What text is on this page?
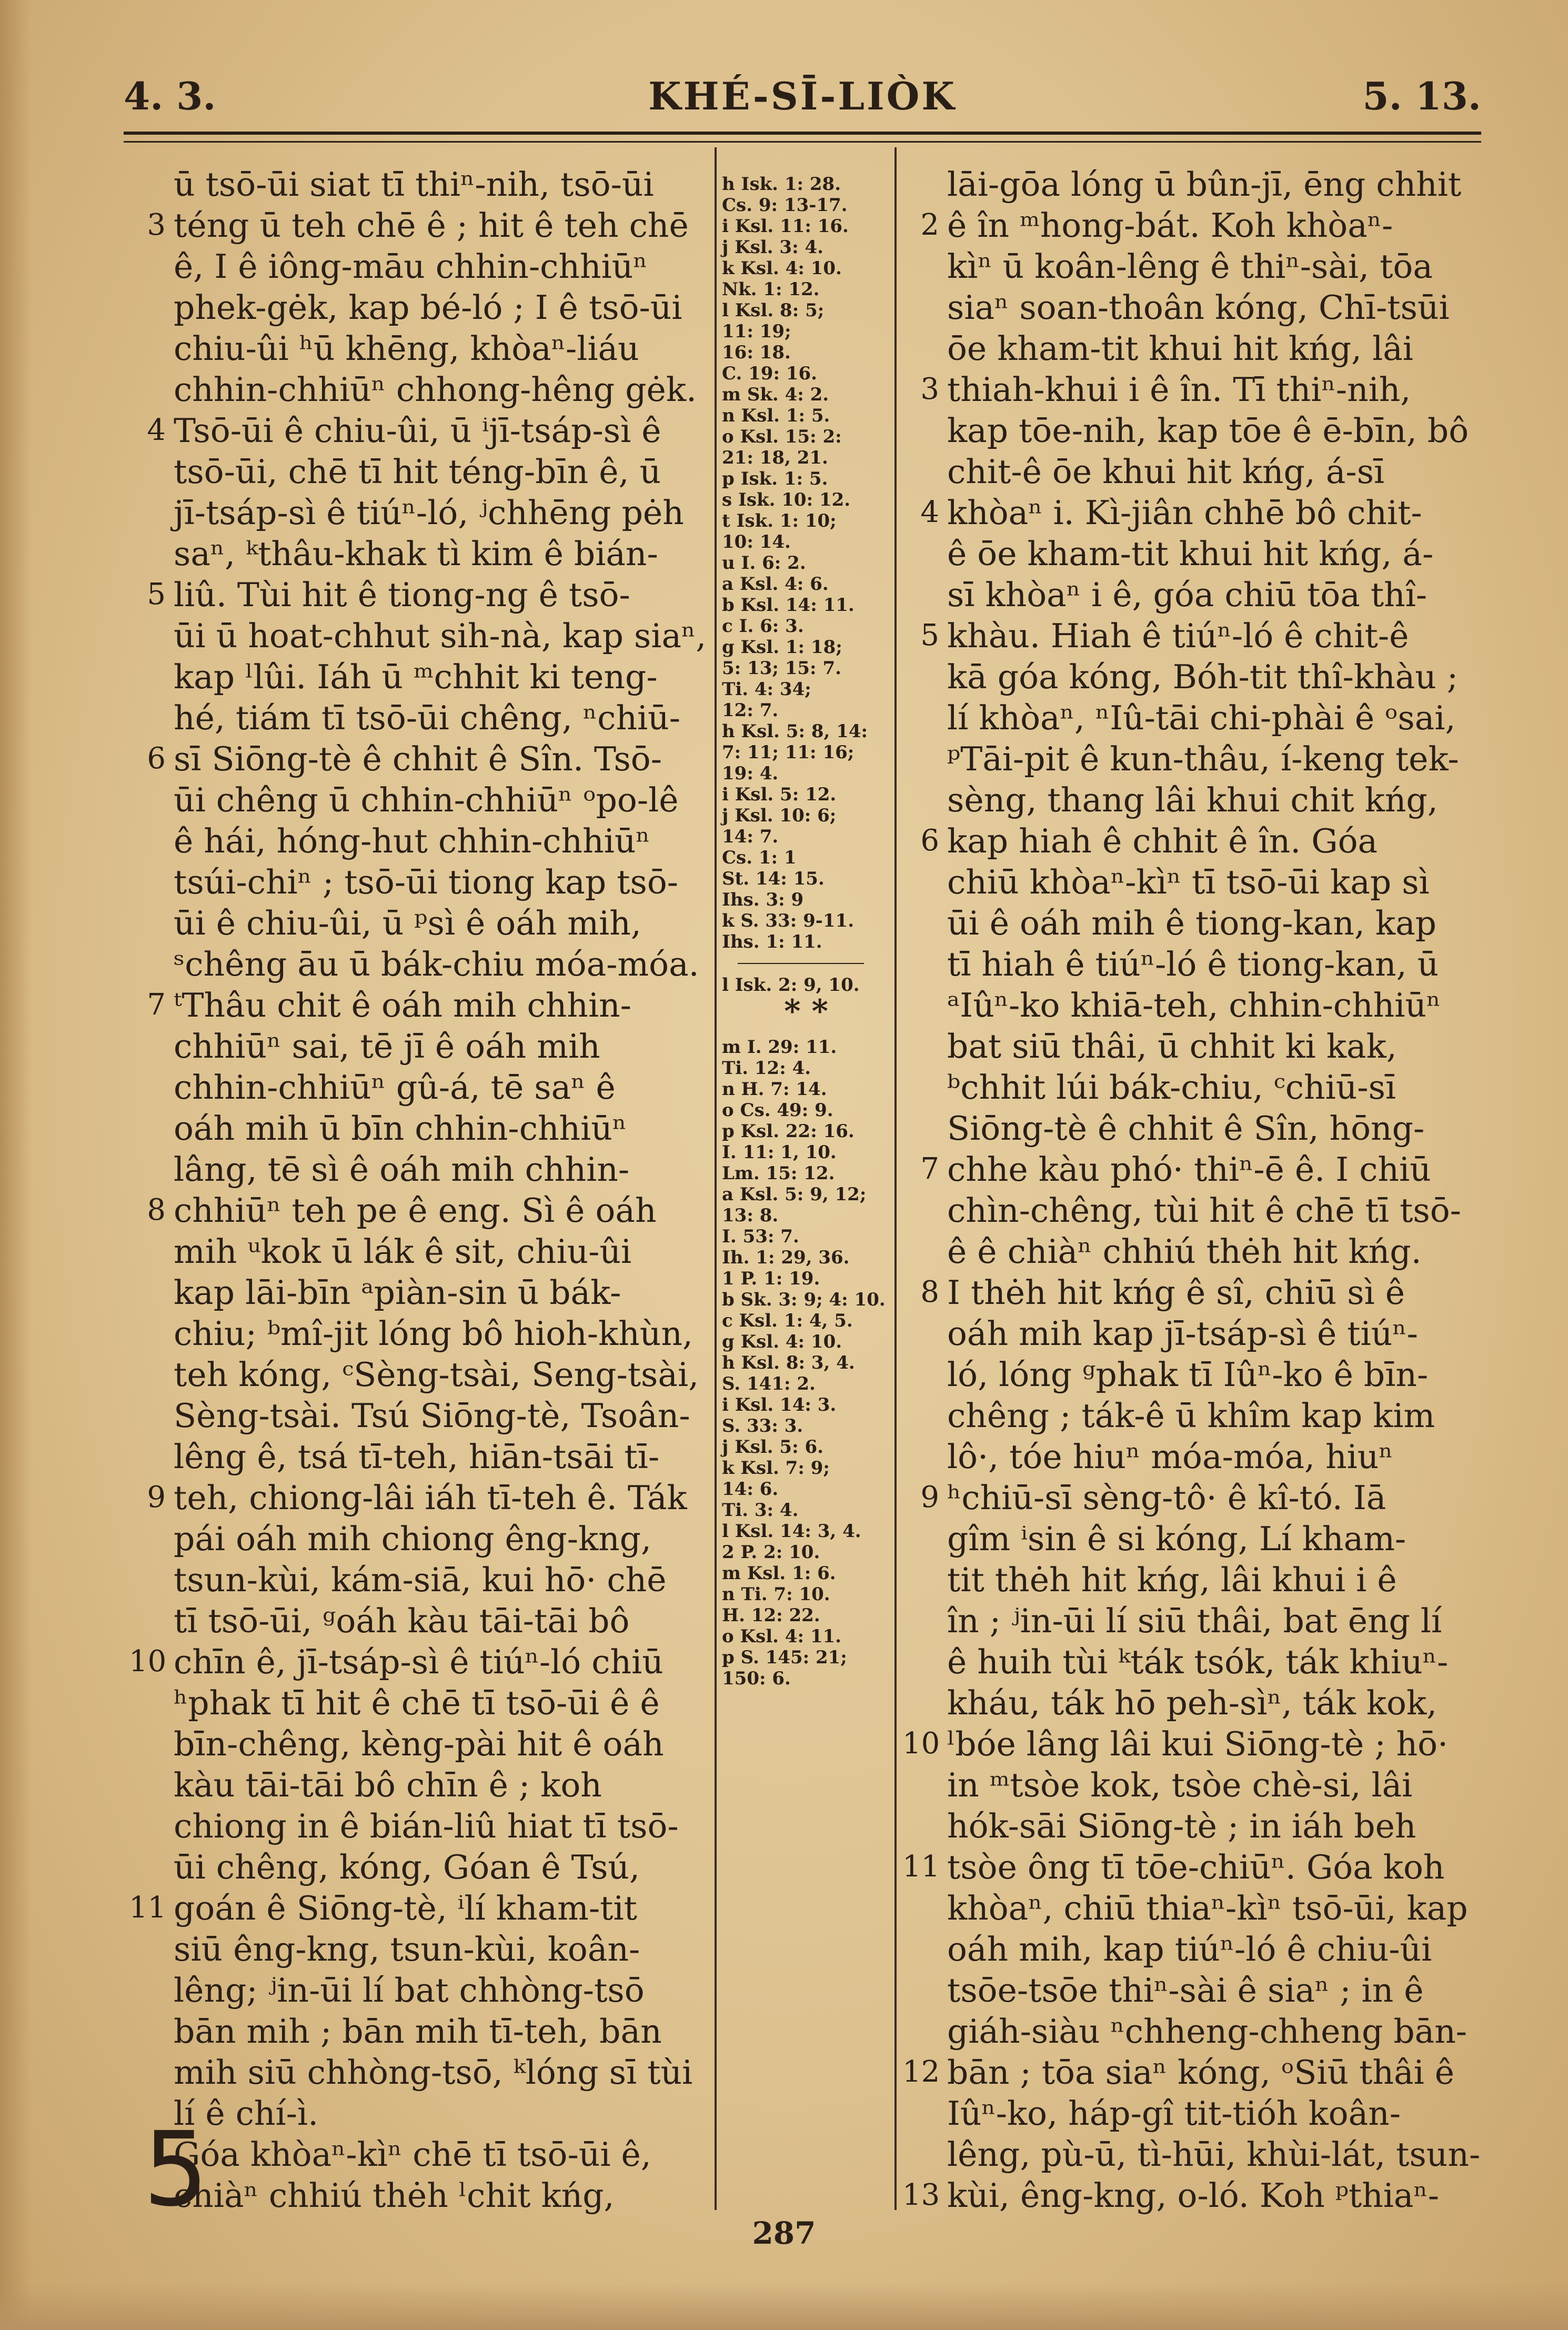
4. 3.	KHÉ-SĪ-LIÒK	5. 13.
ū tsō-ūi siat tī thiⁿ-nih, tsō-ūi
téng ū teh chē ê ; hit ê teh chē
ê, I ê iông-māu chhin-chhiūⁿ
phek-gėk, kap bé-ló ; I ê tsō-ūi
chiu-ûi ʰū khēng, khòaⁿ-liáu
chhin-chhiūⁿ chhong-hêng gėk.
Tsō-ūi ê chiu-ûi, ū ⁱjī-tsáp-sì ê
tsō-ūi, chē tī hit téng-bīn ê, ū
jī-tsáp-sì ê tiúⁿ-ló, ʲchhēng pėh
saⁿ, ᵏthâu-khak tì kim ê bián-
liû. Tùi hit ê tiong-ng ê tsō-
ūi ū hoat-chhut sih-nà, kap siaⁿ,
kap ˡlûi. Iáh ū ᵐchhit ki teng-
hé, tiám tī tsō-ūi chêng, ⁿchiū-
sī Siōng-tè ê chhit ê Sîn. Tsō-
ūi chêng ū chhin-chhiūⁿ ᵒpo-lê
ê hái, hóng-hut chhin-chhiūⁿ
tsúi-chiⁿ ; tsō-ūi tiong kap tsō-
ūi ê chiu-ûi, ū ᵖsì ê oáh mih,
ˢchêng āu ū bák-chiu móa-móa.
ᵗThâu chit ê oáh mih chhin-
chhiūⁿ sai, tē jī ê oáh mih
chhin-chhiūⁿ gû-á, tē saⁿ ê
oáh mih ū bīn chhin-chhiūⁿ
lâng, tē sì ê oáh mih chhin-
chhiūⁿ teh pe ê eng. Sì ê oáh
mih ᵘkok ū lák ê sit, chiu-ûi
kap lāi-bīn ᵃpiàn-sin ū bák-
chiu; ᵇmî-jit lóng bô hioh-khùn,
teh kóng, ᶜSèng-tsài, Seng-tsài,
Sèng-tsài. Tsú Siōng-tè, Tsoân-
lêng ê, tsá tī-teh, hiān-tsāi tī-
teh, chiong-lâi iáh tī-teh ê. Ták
pái oáh mih chiong êng-kng,
tsun-kùi, kám-siā, kui hō· chē
tī tsō-ūi, ᵍoáh kàu tāi-tāi bô
chīn ê, jī-tsáp-sì ê tiúⁿ-ló chiū
ʰphak tī hit ê chē tī tsō-ūi ê ê
bīn-chêng, kèng-pài hit ê oáh
kàu tāi-tāi bô chīn ê ; koh
chiong in ê bián-liû hiat tī tsō-
ūi chêng, kóng, Góan ê Tsú,
goán ê Siōng-tè, ⁱlí kham-tit
siū êng-kng, tsun-kùi, koân-
lêng; ʲin-ūi lí bat chhòng-tsō
bān mih ; bān mih tī-teh, bān
mih siū chhòng-tsō, ᵏlóng sī tùi
lí ê chí-ì.
Góa khòaⁿ-kìⁿ chē tī tsō-ūi ê,
chiàⁿ chhiú thėh ˡchit kńg,
3
4
5
6
7
8
9
10
11
5
h Isk. 1: 28.
Cs. 9: 13-17.
i Ksl. 11: 16.
j Ksl. 3: 4.
k Ksl. 4: 10.
Nk. 1: 12.
l Ksl. 8: 5;
11: 19;
16: 18.
C. 19: 16.
m Sk. 4: 2.
n Ksl. 1: 5.
o Ksl. 15: 2:
21: 18, 21.
p Isk. 1: 5.
s Isk. 10: 12.
t Isk. 1: 10;
10: 14.
u I. 6: 2.
a Ksl. 4: 6.
b Ksl. 14: 11.
c I. 6: 3.
g Ksl. 1: 18;
5: 13; 15: 7.
Ti. 4: 34;
12: 7.
h Ksl. 5: 8, 14:
7: 11; 11: 16;
19: 4.
i Ksl. 5: 12.
j Ksl. 10: 6;
14: 7.
Cs. 1: 1
St. 14: 15.
Ihs. 3: 9
k S. 33: 9-11.
Ihs. 1: 11.
l Isk. 2: 9, 10.
* *
m I. 29: 11.
Ti. 12: 4.
n H. 7: 14.
o Cs. 49: 9.
p Ksl. 22: 16.
I. 11: 1, 10.
Lm. 15: 12.
a Ksl. 5: 9, 12;
13: 8.
I. 53: 7.
Ih. 1: 29, 36.
1 P. 1: 19.
b Sk. 3: 9; 4: 10.
c Ksl. 1: 4, 5.
g Ksl. 4: 10.
h Ksl. 8: 3, 4.
S. 141: 2.
i Ksl. 14: 3.
S. 33: 3.
j Ksl. 5: 6.
k Ksl. 7: 9;
14: 6.
Ti. 3: 4.
l Ksl. 14: 3, 4.
2 P. 2: 10.
m Ksl. 1: 6.
n Ti. 7: 10.
H. 12: 22.
o Ksl. 4: 11.
p S. 145: 21;
150: 6.
lāi-gōa lóng ū bûn-jī, ēng chhit
ê în ᵐhong-bát. Koh khòaⁿ-
kìⁿ ū koân-lêng ê thiⁿ-sài, tōa
siaⁿ soan-thoân kóng, Chī-tsūi
ōe kham-tit khui hit kńg, lâi
thiah-khui i ê în. Tī thiⁿ-nih,
kap tōe-nih, kap tōe ê ē-bīn, bô
chit-ê ōe khui hit kńg, á-sī
khòaⁿ i. Kì-jiân chhē bô chit-
ê ōe kham-tit khui hit kńg, á-
sī khòaⁿ i ê, góa chiū tōa thî-
khàu. Hiah ê tiúⁿ-ló ê chit-ê
kā góa kóng, Bóh-tit thî-khàu ;
lí khòaⁿ, ⁿIû-tāi chi-phài ê ᵒsai,
ᵖTāi-pit ê kun-thâu, í-keng tek-
sèng, thang lâi khui chit kńg,
kap hiah ê chhit ê în. Góa
chiū khòaⁿ-kìⁿ tī tsō-ūi kap sì
ūi ê oáh mih ê tiong-kan, kap
tī hiah ê tiúⁿ-ló ê tiong-kan, ū
ᵃIûⁿ-ko khiā-teh, chhin-chhiūⁿ
bat siū thâi, ū chhit ki kak,
ᵇchhit lúi bák-chiu, ᶜchiū-sī
Siōng-tè ê chhit ê Sîn, hōng-
chhe kàu phó· thiⁿ-ē ê. I chiū
chìn-chêng, tùi hit ê chē tī tsō-
ê ê chiàⁿ chhiú thėh hit kńg.
I thėh hit kńg ê sî, chiū sì ê
oáh mih kap jī-tsáp-sì ê tiúⁿ-
ló, lóng ᵍphak tī Iûⁿ-ko ê bīn-
chêng ; ták-ê ū khîm kap kim
lô·, tóe hiuⁿ móa-móa, hiuⁿ
ʰchiū-sī sèng-tô· ê kî-tó. Iā
gîm ⁱsin ê si kóng, Lí kham-
tit thėh hit kńg, lâi khui i ê
în ; ʲin-ūi lí siū thâi, bat ēng lí
ê huih tùi ᵏták tsók, ták khiuⁿ-
kháu, ták hō peh-sìⁿ, ták kok,
ˡbóe lâng lâi kui Siōng-tè ; hō·
in ᵐtsòe kok, tsòe chè-si, lâi
hók-sāi Siōng-tè ; in iáh beh
tsòe ông tī tōe-chiūⁿ. Góa koh
khòaⁿ, chiū thiaⁿ-kìⁿ tsō-ūi, kap
oáh mih, kap tiúⁿ-ló ê chiu-ûi
tsōe-tsōe thiⁿ-sài ê siaⁿ ; in ê
giáh-siàu ⁿchheng-chheng bān-
bān ; tōa siaⁿ kóng, ᵒSiū thâi ê
Iûⁿ-ko, háp-gî tit-tióh koân-
lêng, pù-ū, tì-hūi, khùi-lát, tsun-
kùi, êng-kng, o-ló. Koh ᵖthiaⁿ-
2
3
4
5
6
7
8
9
10
11
12
13
287
